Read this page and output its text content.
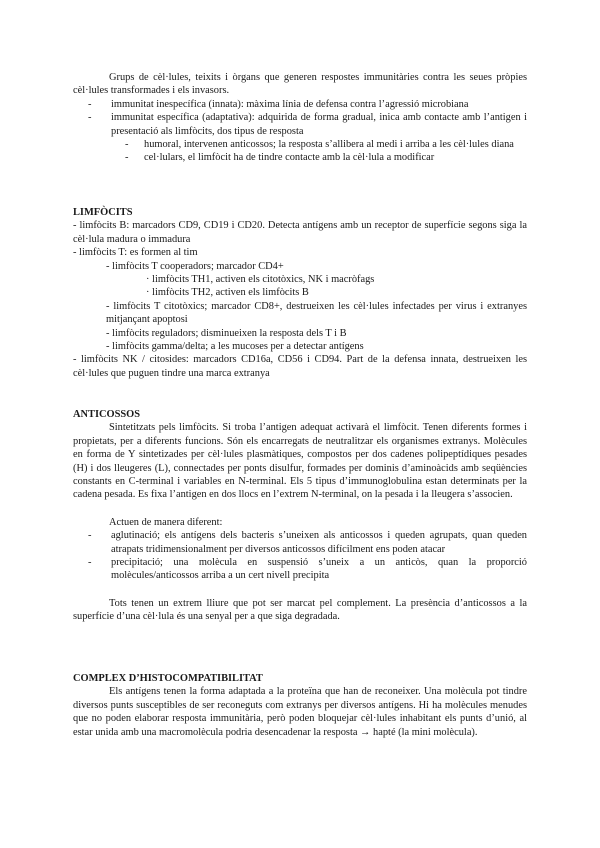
Grups de cèl·lules, teixits i òrgans que generen respostes immunitàries contra les seues pròpies cèl·lules transformades i els invasors.

-	immunitat inespecífica (innata): màxima línia de defensa contra l’agressió microbiana
-	immunitat específica (adaptativa): adquirida de forma gradual, inica amb contacte amb l’antigen i presentació als limfòcits, dos tipus de resposta
-	humoral, intervenen anticossos; la resposta s’allibera al medi i arriba a les cèl·lules diana
-	cel·lulars, el limfòcit ha de tindre contacte amb la cèl·lula a modificar

LIMFÒCITS

- limfòcits B: marcadors CD9, CD19 i CD20. Detecta antígens amb un receptor de superfície segons siga la cèl·lula madura o immadura

- limfòcits T: es formen al tim

- limfòcits T cooperadors; marcador CD4+

· limfòcits TH1, activen els citotòxics, NK i macròfags

· limfòcits TH2, activen els limfòcits B

- limfòcits T citotòxics; marcador CD8+, destrueixen les cèl·lules infectades per virus i extranyes mitjançant apoptosi

- limfòcits reguladors; disminueixen la resposta dels T i B

- limfòcits gamma/delta; a les mucoses per a detectar antígens

- limfòcits NK / citosides: marcadors CD16a, CD56 i CD94. Part de la defensa innata, destrueixen les cèl·lules que puguen tindre una marca extranya

ANTICOSSOS

Sintetitzats pels limfòcits. Si troba l’antigen adequat activarà el limfòcit. Tenen diferents formes i propietats, per a diferents funcions. Són els encarregats de neutralitzar els organismes extranys. Molècules en forma de Y sintetizades per cèl·lules plasmàtiques, compostos per dos cadenes polipeptídiques pesades (H) i dos lleugeres (L), connectades per ponts disulfur, formades per dominis d’aminoàcids amb seqüències constants en C-terminal i variables en N-terminal. Els 5 tipus d’immunoglobulina estan determinats per la cadena pesada. Es fixa l’antigen en dos llocs en l’extrem N-terminal, on la pesada i la lleugera s’associen.

Actuen de manera diferent:

-	aglutinació; els antígens dels bacteris s’uneixen als anticossos i queden agrupats, quan queden atrapats tridimensionalment per diversos anticossos difícilment ens poden atacar
-	precipitació; una molècula en suspensió s’uneix a un anticòs, quan la proporció molècules/anticossos arriba a un cert nivell precipita

Tots tenen un extrem lliure que pot ser marcat pel complement. La presència d’anticossos a la superfície d’una cèl·lula és una senyal per a que siga degradada.

COMPLEX D’HISTOCOMPATIBILITAT

Els antígens tenen la forma adaptada a la proteïna que han de reconeixer. Una molècula pot tindre diversos punts susceptibles de ser reconeguts com extranys per diversos antígens. Hi ha molècules menudes que no poden elaborar resposta immunitària, però poden bloquejar cèl·lules inhabitant els punts d’unió, al estar unida amb una macromolècula podria desencadenar la resposta → hapté (la mini molècula).
